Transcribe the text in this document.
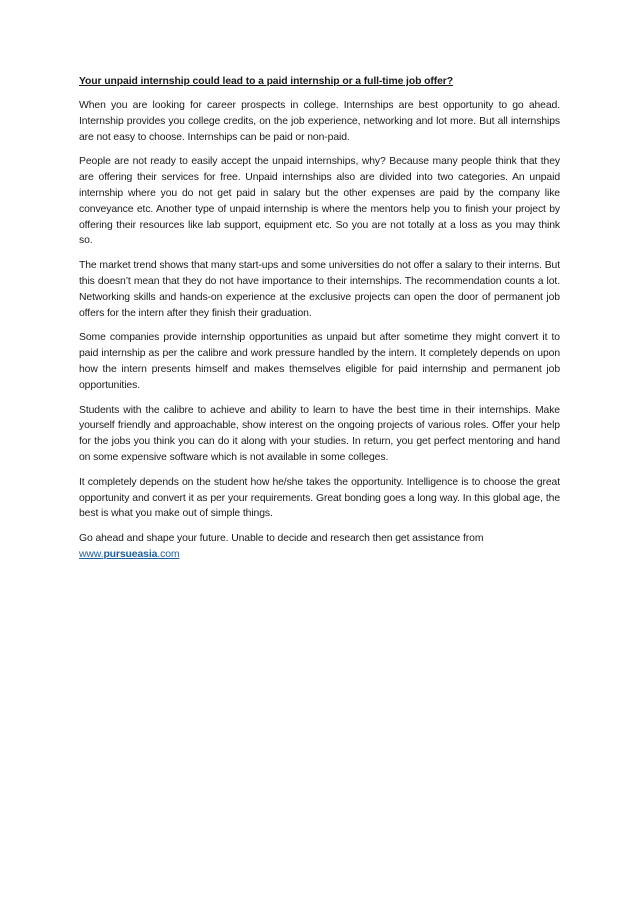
Your unpaid internship could lead to a paid internship or a full-time job offer?

When you are looking for career prospects in college. Internships are best opportunity to go ahead. Internship provides you college credits, on the job experience, networking and lot more. But all internships are not easy to choose. Internships can be paid or non-paid.

People are not ready to easily accept the unpaid internships, why? Because many people think that they are offering their services for free. Unpaid internships also are divided into two categories. An unpaid internship where you do not get paid in salary but the other expenses are paid by the company like conveyance etc. Another type of unpaid internship is where the mentors help you to finish your project by offering their resources like lab support, equipment etc. So you are not totally at a loss as you may think so.

The market trend shows that many start-ups and some universities do not offer a salary to their interns. But this doesn’t mean that they do not have importance to their internships. The recommendation counts a lot. Networking skills and hands-on experience at the exclusive projects can open the door of permanent job offers for the intern after they finish their graduation.

Some companies provide internship opportunities as unpaid but after sometime they might convert it to paid internship as per the calibre and work pressure handled by the intern. It completely depends on upon how the intern presents himself and makes themselves eligible for paid internship and permanent job opportunities.

Students with the calibre to achieve and ability to learn to have the best time in their internships. Make yourself friendly and approachable, show interest on the ongoing projects of various roles. Offer your help for the jobs you think you can do it along with your studies. In return, you get perfect mentoring and hand on some expensive software which is not available in some colleges.

It completely depends on the student how he/she takes the opportunity. Intelligence is to choose the great opportunity and convert it as per your requirements. Great bonding goes a long way. In this global age, the best is what you make out of simple things.

Go ahead and shape your future. Unable to decide and research then get assistance from

www.pursueasia.com
